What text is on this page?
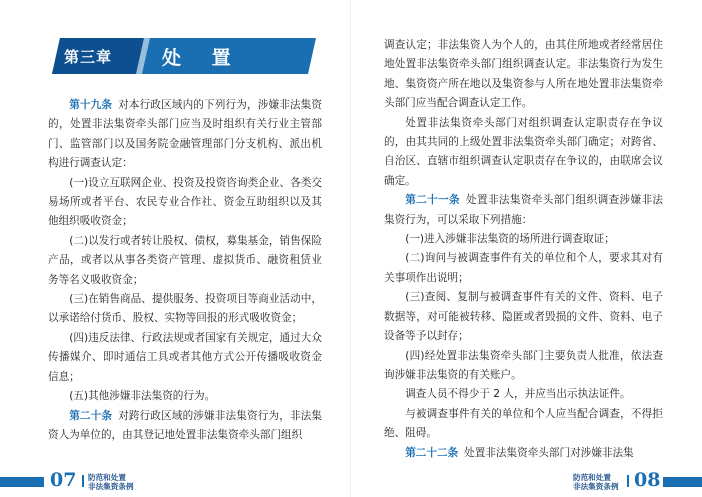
第三章	处 置

第十九条 对本行政区域内的下列行为，涉嫌非法集资的，处置非法集资牵头部门应当及时组织有关行业主管部门、监管部门以及国务院金融管理部门分支机构、派出机构进行调查认定：

(一)设立互联网企业、投资及投资咨询类企业、各类交易场所或者平台、农民专业合作社、资金互助组织以及其他组织吸收资金；

(二)以发行或者转让股权、债权，募集基金，销售保险产品，或者以从事各类资产管理、虚拟货币、融资租赁业务等名义吸收资金；

(三)在销售商品、提供服务、投资项目等商业活动中，以承诺给付货币、股权、实物等回报的形式吸收资金；

(四)违反法律、行政法规或者国家有关规定，通过大众传播媒介、即时通信工具或者其他方式公开传播吸收资金信息；

(五)其他涉嫌非法集资的行为。

第二十条 对跨行政区域的涉嫌非法集资行为，非法集资人为单位的，由其登记地处置非法集资牵头部门组织

07 防范和处置
非法集资条例

调查认定；非法集资人为个人的，由其住所地或者经常居住地处置非法集资牵头部门组织调查认定。非法集资行为发生地、集资资产所在地以及集资参与人所在地处置非法集资牵头部门应当配合调查认定工作。

处置非法集资牵头部门对组织调查认定职责存在争议的，由其共同的上级处置非法集资牵头部门确定；对跨省、自治区、直辖市组织调查认定职责存在争议的，由联席会议确定。

第二十一条 处置非法集资牵头部门组织调查涉嫌非法集资行为，可以采取下列措施：

(一)进入涉嫌非法集资的场所进行调查取证；

(二)询问与被调查事件有关的单位和个人，要求其对有关事项作出说明；

(三)查阅、复制与被调查事件有关的文件、资料、电子数据等，对可能被转移、隐匿或者毁损的文件、资料、电子设备等予以封存；

(四)经处置非法集资牵头部门主要负责人批准，依法查询涉嫌非法集资的有关账户。

调查人员不得少于 2 人，并应当出示执法证件。

与被调查事件有关的单位和个人应当配合调查，不得拒绝、阻碍。

第二十二条 处置非法集资牵头部门对涉嫌非法集

防范和处置
非法集资条例 08
